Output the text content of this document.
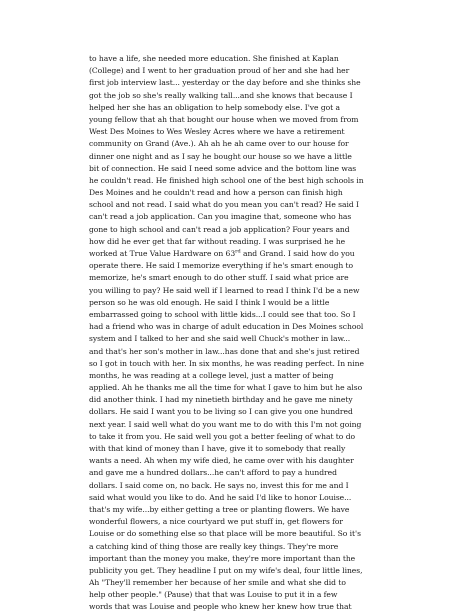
to have a life, she needed more education. She finished at Kaplan
(College) and I went to her graduation proud of her and she had her
first job interview last... yesterday or the day before and she thinks she
got the job so she's really walking tall...and she knows that because I
helped her she has an obligation to help somebody else. I've got a
young fellow that ah that bought our house when we moved from from
West Des Moines to Wes Wesley Acres where we have a retirement
community on Grand (Ave.). Ah ah he ah came over to our house for
dinner one night and as I say he bought our house so we have a little
bit of connection. He said I need some advice and the bottom line was
he couldn't read. He finished high school one of the best high schools in
Des Moines and he couldn't read and how a person can finish high
school and not read. I said what do you mean you can't read? He said I
can't read a job application. Can you imagine that, someone who has
gone to high school and can't read a job application? Four years and
how did he ever get that far without reading. I was surprised he he
worked at True Value Hardware on 63rd and Grand. I said how do you
operate there. He said I memorize everything if he's smart enough to
memorize, he's smart enough to do other stuff. I said what price are
you willing to pay? He said well if I learned to read I think I'd be a new
person so he was old enough. He said I think I would be a little
embarrassed going to school with little kids...I could see that too. So I
had a friend who was in charge of adult education in Des Moines school
system and I talked to her and she said well Chuck's mother in law...
and that's her son's mother in law...has done that and she's just retired
so I got in touch with her. In six months, he was reading perfect. In nine
months, he was reading at a college level, just a matter of being
applied. Ah he thanks me all the time for what I gave to him but he also
did another think. I had my ninetieth birthday and he gave me ninety
dollars. He said I want you to be living so I can give you one hundred
next year. I said well what do you want me to do with this I'm not going
to take it from you. He said well you got a better feeling of what to do
with that kind of money than I have, give it to somebody that really
wants a need. Ah when my wife died, he came over with his daughter
and gave me a hundred dollars...he can't afford to pay a hundred
dollars. I said come on, no back. He says no, invest this for me and I
said what would you like to do. And he said I'd like to honor Louise...
that's my wife...by either getting a tree or planting flowers. We have
wonderful flowers, a nice courtyard we put stuff in, get flowers for
Louise or do something else so that place will be more beautiful. So it's
a catching kind of thing those are really key things. They're more
important than the money you make, they're more important than the
publicity you get. They headline I put on my wife's deal, four little lines,
Ah "They'll remember her because of her smile and what she did to
help other people." (Pause) that that was Louise to put it in a few
words that was Louise and people who knew her knew how true that
